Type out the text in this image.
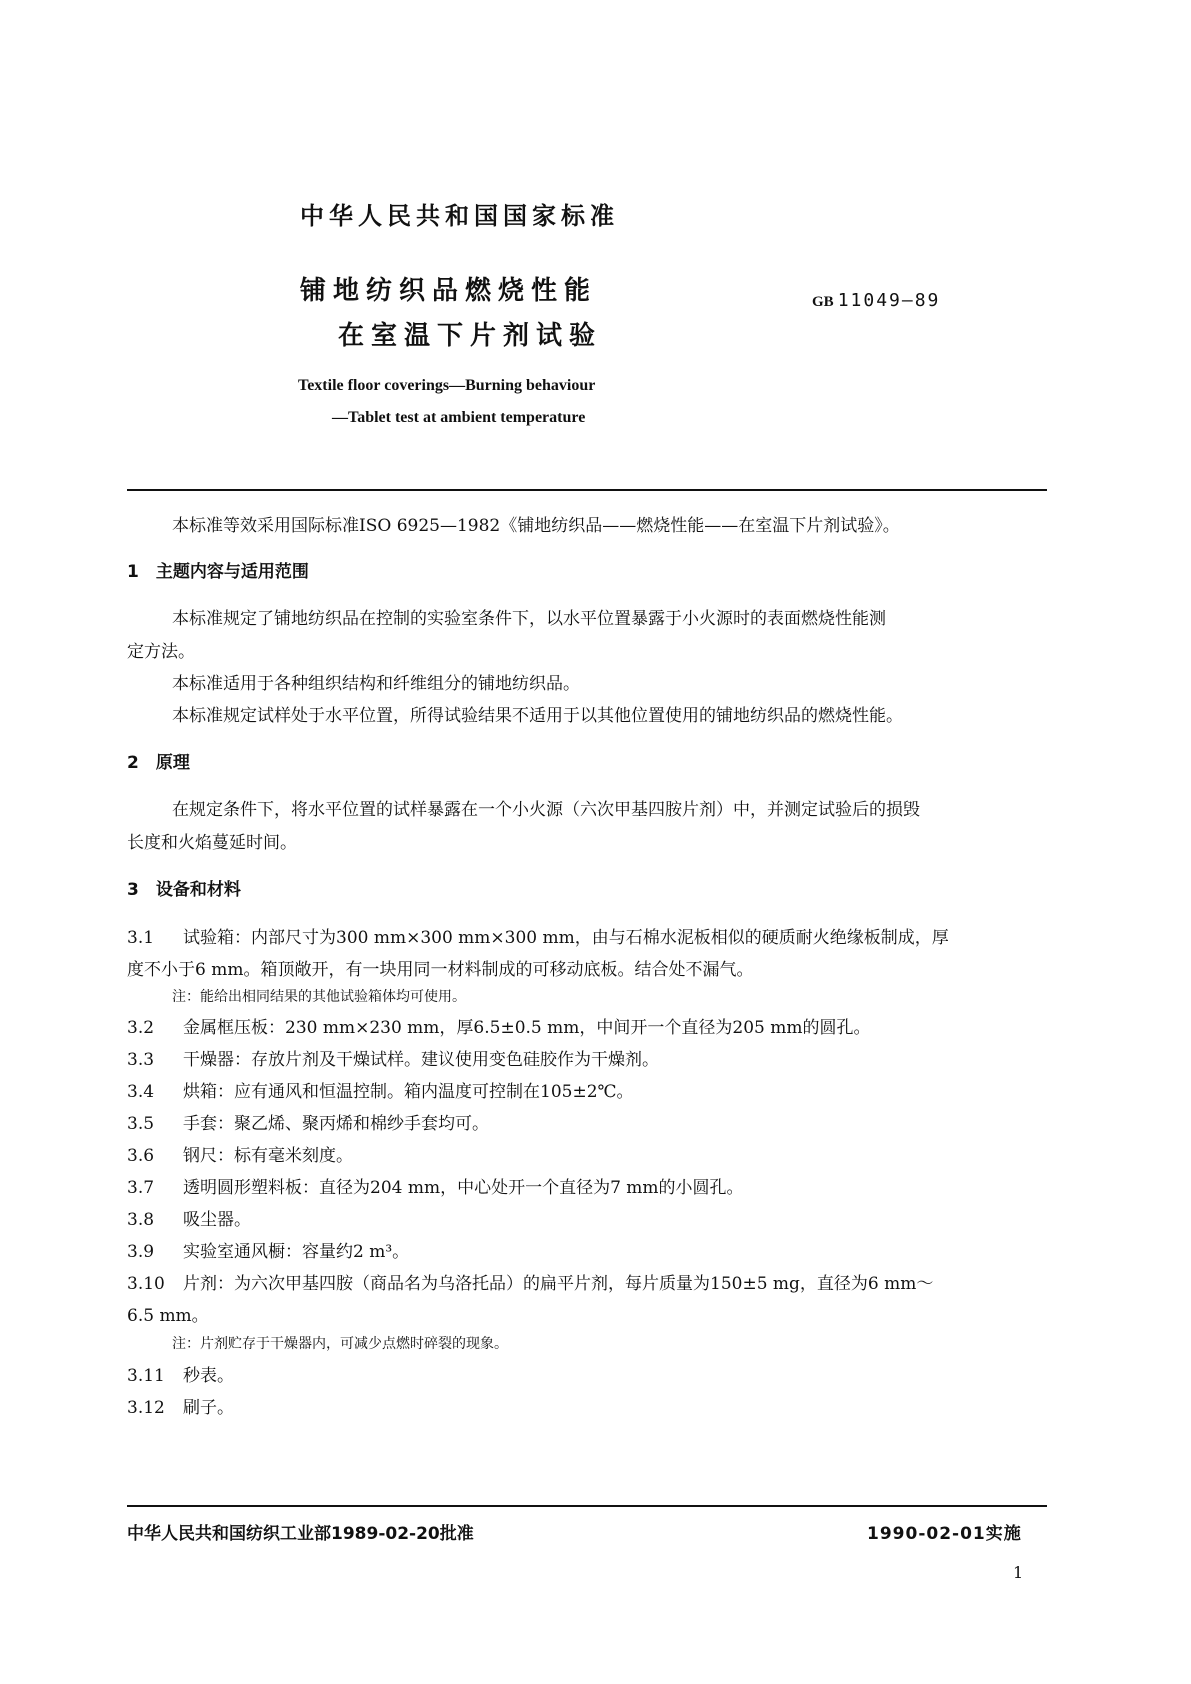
中华人民共和国国家标准
铺地纺织品燃烧性能
在室温下片剂试验
GB 11049—89
Textile floor coverings—Burning behaviour
—Tablet test at ambient temperature
本标准等效采用国际标准ISO 6925—1982《铺地纺织品——燃烧性能——在室温下片剂试验》。
1　主题内容与适用范围
本标准规定了铺地纺织品在控制的实验室条件下，以水平位置暴露于小火源时的表面燃烧性能测
定方法。
本标准适用于各种组织结构和纤维组分的铺地纺织品。
本标准规定试样处于水平位置，所得试验结果不适用于以其他位置使用的铺地纺织品的燃烧性能。
2　原理
在规定条件下，将水平位置的试样暴露在一个小火源（六次甲基四胺片剂）中，并测定试验后的损毁
长度和火焰蔓延时间。
3　设备和材料
3.1 试验箱：内部尺寸为300 mm×300 mm×300 mm，由与石棉水泥板相似的硬质耐火绝缘板制成，厚
度不小于6 mm。箱顶敞开，有一块用同一材料制成的可移动底板。结合处不漏气。
注：能给出相同结果的其他试验箱体均可使用。
3.2 金属框压板：230 mm×230 mm，厚6.5±0.5 mm，中间开一个直径为205 mm的圆孔。
3.3 干燥器：存放片剂及干燥试样。建议使用变色硅胶作为干燥剂。
3.4 烘箱：应有通风和恒温控制。箱内温度可控制在105±2℃。
3.5 手套：聚乙烯、聚丙烯和棉纱手套均可。
3.6 钢尺：标有毫米刻度。
3.7 透明圆形塑料板：直径为204 mm，中心处开一个直径为7 mm的小圆孔。
3.8 吸尘器。
3.9 实验室通风橱：容量约2 m³。
3.10 片剂：为六次甲基四胺（商品名为乌洛托品）的扁平片剂，每片质量为150±5 mg，直径为6 mm～
6.5 mm。
注：片剂贮存于干燥器内，可减少点燃时碎裂的现象。
3.11 秒表。
3.12 刷子。
中华人民共和国纺织工业部1989-02-20批准	1990-02-01实施
1
